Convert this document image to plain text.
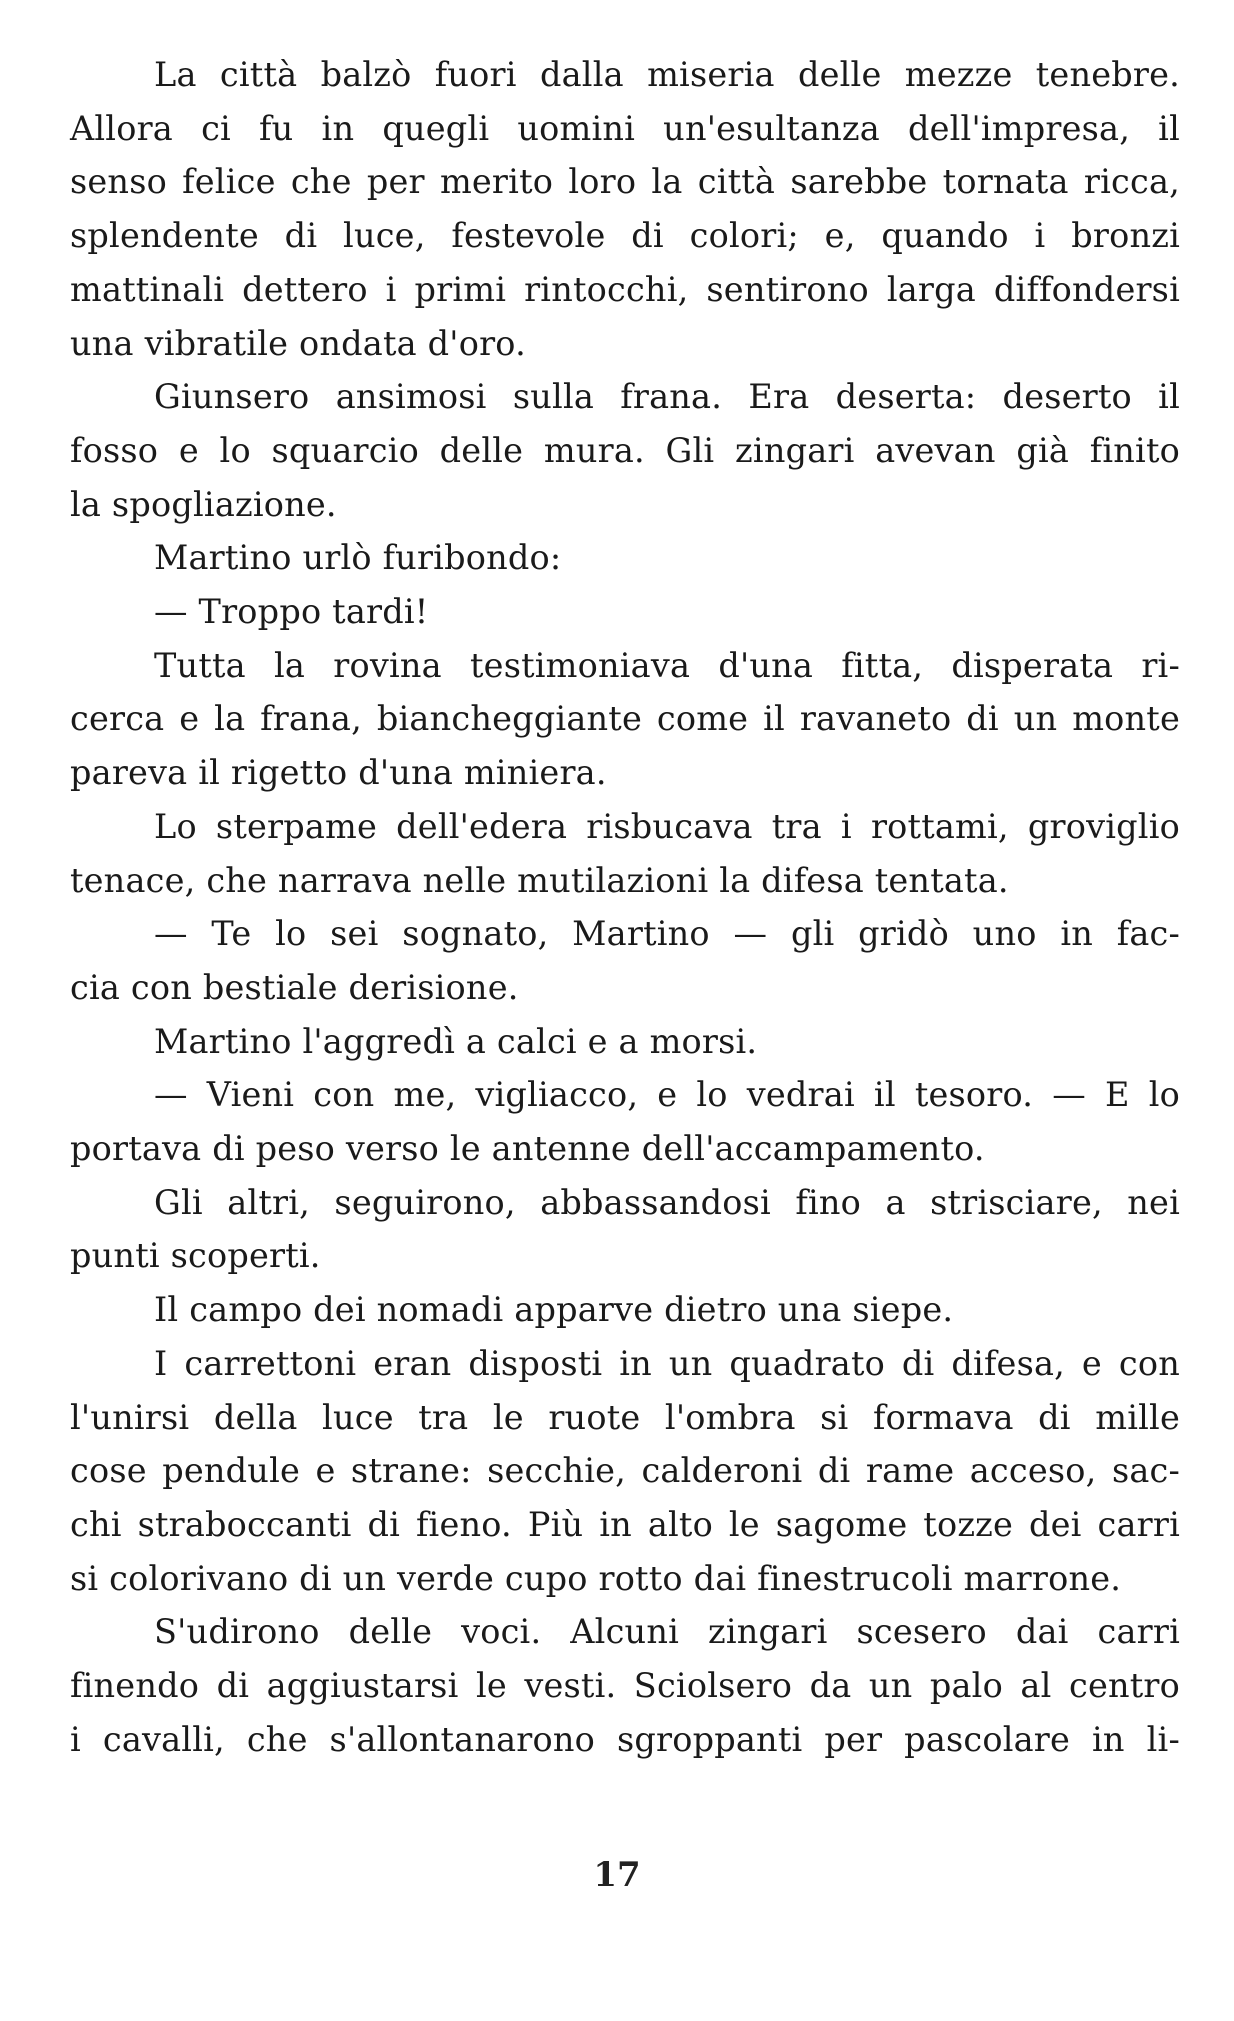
La città balzò fuori dalla miseria delle mezze tenebre.
Allora ci fu in quegli uomini un'esultanza dell'impresa, il
senso felice che per merito loro la città sarebbe tornata ricca,
splendente di luce, festevole di colori; e, quando i bronzi
mattinali dettero i primi rintocchi, sentirono larga diffondersi
una vibratile ondata d'oro.
Giunsero ansimosi sulla frana. Era deserta: deserto il
fosso e lo squarcio delle mura. Gli zingari avevan già finito
la spogliazione.
Martino urlò furibondo:
— Troppo tardi!
Tutta la rovina testimoniava d'una fitta, disperata ri-
cerca e la frana, biancheggiante come il ravaneto di un monte
pareva il rigetto d'una miniera.
Lo sterpame dell'edera risbucava tra i rottami, groviglio
tenace, che narrava nelle mutilazioni la difesa tentata.
— Te lo sei sognato, Martino — gli gridò uno in fac-
cia con bestiale derisione.
Martino l'aggredì a calci e a morsi.
— Vieni con me, vigliacco, e lo vedrai il tesoro. — E lo
portava di peso verso le antenne dell'accampamento.
Gli altri, seguirono, abbassandosi fino a strisciare, nei
punti scoperti.
Il campo dei nomadi apparve dietro una siepe.
I carrettoni eran disposti in un quadrato di difesa, e con
l'unirsi della luce tra le ruote l'ombra si formava di mille
cose pendule e strane: secchie, calderoni di rame acceso, sac-
chi straboccanti di fieno. Più in alto le sagome tozze dei carri
si colorivano di un verde cupo rotto dai finestrucoli marrone.
S'udirono delle voci. Alcuni zingari scesero dai carri
finendo di aggiustarsi le vesti. Sciolsero da un palo al centro
i cavalli, che s'allontanarono sgroppanti per pascolare in li-
17
